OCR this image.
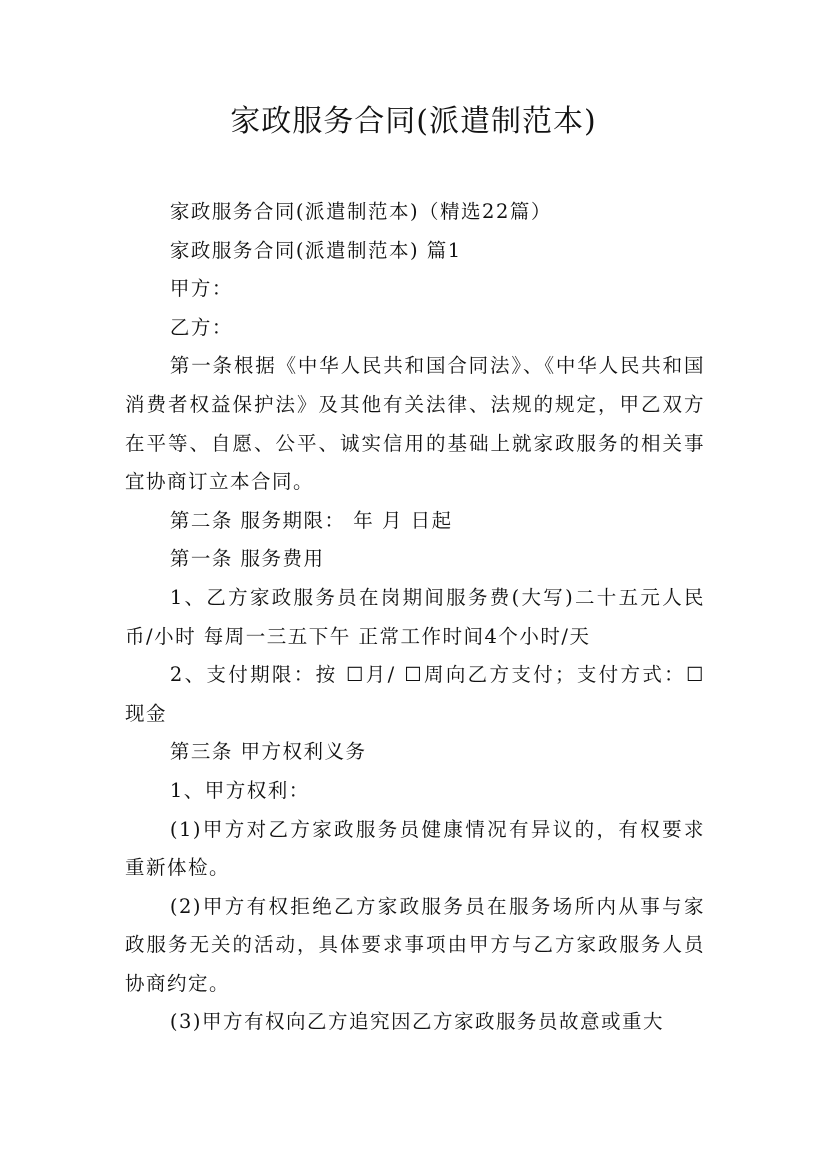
家政服务合同(派遣制范本)

家政服务合同(派遣制范本)（精选22篇）

家政服务合同(派遣制范本) 篇1

甲方：

乙方：

第一条根据《中华人民共和国合同法》、《中华人民共和国消费者权益保护法》及其他有关法律、法规的规定，甲乙双方在平等、自愿、公平、诚实信用的基础上就家政服务的相关事宜协商订立本合同。

第二条 服务期限： 年 月 日起

第一条 服务费用

1、乙方家政服务员在岗期间服务费(大写)二十五元人民币/小时 每周一三五下午 正常工作时间4个小时/天

2、支付期限：按 ☐月/ ☐周向乙方支付；支付方式：☐现金

第三条 甲方权利义务

1、甲方权利：

(1)甲方对乙方家政服务员健康情况有异议的，有权要求重新体检。

(2)甲方有权拒绝乙方家政服务员在服务场所内从事与家政服务无关的活动，具体要求事项由甲方与乙方家政服务人员协商约定。

(3)甲方有权向乙方追究因乙方家政服务员故意或重大
